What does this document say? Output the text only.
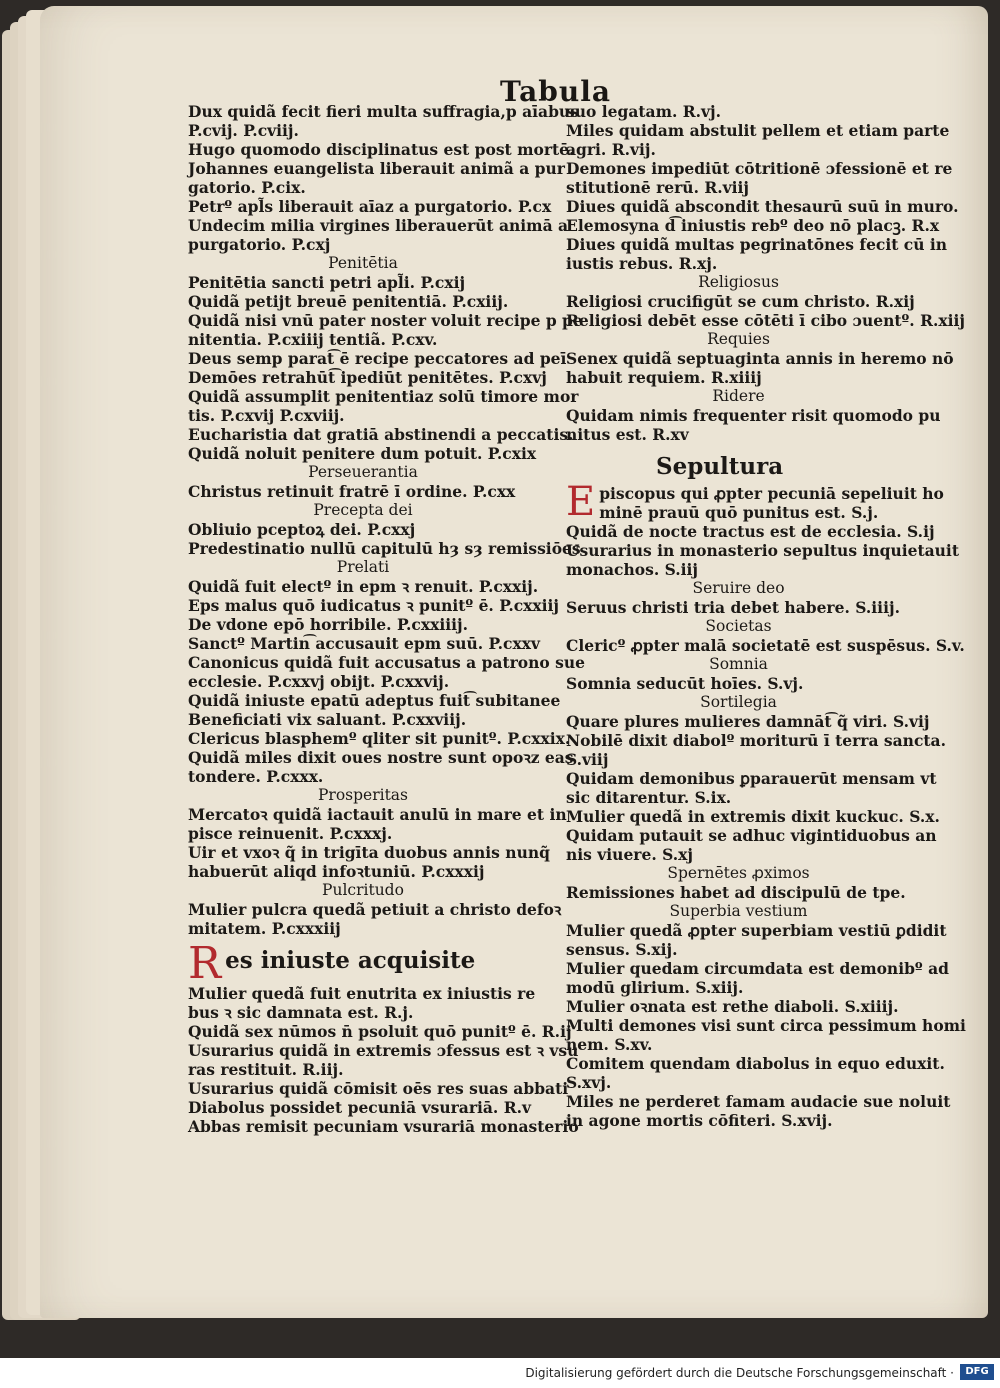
Tabula
Dux quidã fecit fieri multa suffragia,p aīabus
P.cvij. P.cviij.
Hugo quomodo disciplinatus est post mortē.
Johannes euangelista liberauit animã a pur
gatorio. P.cix.
Petrº apl̃s liberauit aīaz a purgatorio. P.cx
Undecim milia virgines liberauerūt animā a
purgatorio. P.cxj
Penitētia
Penitētia sancti petri apl̃i. P.cxij
Quidã petijt breuē penitentiā. P.cxiij.
Quidã nisi vnū pater noster voluit recipe p pe
nitentia. P.cxiiij tentiã. P.cxv.
Deus semp parat͡ ē recipe peccatores ad peī
Demōes retrahūt͡ ipediūt penitētes. P.cxvj
Quidã assumplit penitentiaz solū timore mor
tis. P.cxvij P.cxviij.
Eucharistia dat gratiā abstinendi a peccatis.
Quidã noluit penitere dum potuit. P.cxix
Perseuerantia
Christus retinuit fratrē ī ordine. P.cxx
Precepta dei
Obliuio pceptoꝝ dei. P.cxxj
Predestinatio nullū capitulū hȝ sȝ remissiōes
Prelati
Quidã fuit electº in epm ꝛ renuit. P.cxxij.
Eps malus quō iudicatus ꝛ punitº ē. P.cxxiij
De vdone epō horribile. P.cxxiiij.
Sanctº Martin͡ accusauit epm suū. P.cxxv
Canonicus quidã fuit accusatus a patrono sue
ecclesie. P.cxxvj obijt. P.cxxvij.
Quidã iniuste epatū adeptus fuit͡ subitanee
Beneficiati vix saluant. P.cxxviij.
Clericus blasphemº qliter sit punitº. P.cxxix.
Quidã miles dixit oues nostre sunt opoꝛz eas
tondere. P.cxxx.
Prosperitas
Mercatoꝛ quidã iactauit anulū in mare et in
pisce reinuenit. P.cxxxj.
Uir et vxoꝛ q̃ in trigīta duobus annis nunq̃
habuerūt aliqd infoꝛtuniū. P.cxxxij
Pulcritudo
Mulier pulcra quedã petiuit a christo defoꝛ
mitatem. P.cxxxiij
Res iniuste acquisite
Mulier quedã fuit enutrita ex iniustis re
bus ꝛ sic damnata est. R.j.
Quidã sex nūmos n̄ psoluit quō punitº ē. R.ij
Usurarius quidã in extremis ɔfessus est ꝛ vsu
ras restituit. R.iij.
Usurarius quidã cōmisit oēs res suas abbati
Diabolus possidet pecuniā vsurariā. R.v
Abbas remisit pecuniam vsurariā monasterio
suo legatam. R.vj.
Miles quidam abstulit pellem et etiam parte
agri. R.vij.
Demones impediūt cōtritionē ɔfessionē et re
stitutionē rerū. R.viij
Diues quidã abscondit thesaurū suū in muro.
Elemosyna d͡ iniustis rebº deo nō placꝫ. R.x
Diues quidã multas pegrinatōnes fecit cū in
iustis rebus. R.xj.
Religiosus
Religiosi crucifigūt se cum christo. R.xij
Religiosi debēt esse cōtēti ī cibo ɔuentº. R.xiij
Requies
Senex quidã septuaginta annis in heremo nō
habuit requiem. R.xiiij
Ridere
Quidam nimis frequenter risit quomodo pu
nitus est. R.xv
Sepultura
E piscopus qui ꝓpter pecuniā sepeliuit ho
minē prauū quō punitus est. S.j.
Quidã de nocte tractus est de ecclesia. S.ij
Usurarius in monasterio sepultus inquietauit
monachos. S.iij
Seruire deo
Seruus christi tria debet habere. S.iiij.
Societas
Clericº ꝓpter malā societatē est suspēsus. S.v.
Somnia
Somnia seducūt hoīes. S.vj.
Sortilegia
Quare plures mulieres damnāt͡ q̃ viri. S.vij
Nobilē dixit diabolº moriturū ī terra sancta.
S.viij
Quidam demonibus ꝑparauerūt mensam vt
sic ditarentur. S.ix.
Mulier quedã in extremis dixit kuckuc. S.x.
Quidam putauit se adhuc vigintiduobus an
nis viuere. S.xj
Spernētes ꝓximos
Remissiones habet ad discipulū de tpe.
Superbia vestium
Mulier quedã ꝓpter superbiam vestiū ꝑdidit
sensus. S.xij.
Mulier quedam circumdata est demonibº ad
modū glirium. S.xiij.
Mulier oꝛnata est rethe diaboli. S.xiiij.
Multi demones visi sunt circa pessimum homi
nem. S.xv.
Comitem quendam diabolus in equo eduxit.
S.xvj.
Miles ne perderet famam audacie sue noluit
in agone mortis cōfiteri. S.xvij.
Digitalisierung gefördert durch die Deutsche Forschungsgemeinschaft ·	DFG
